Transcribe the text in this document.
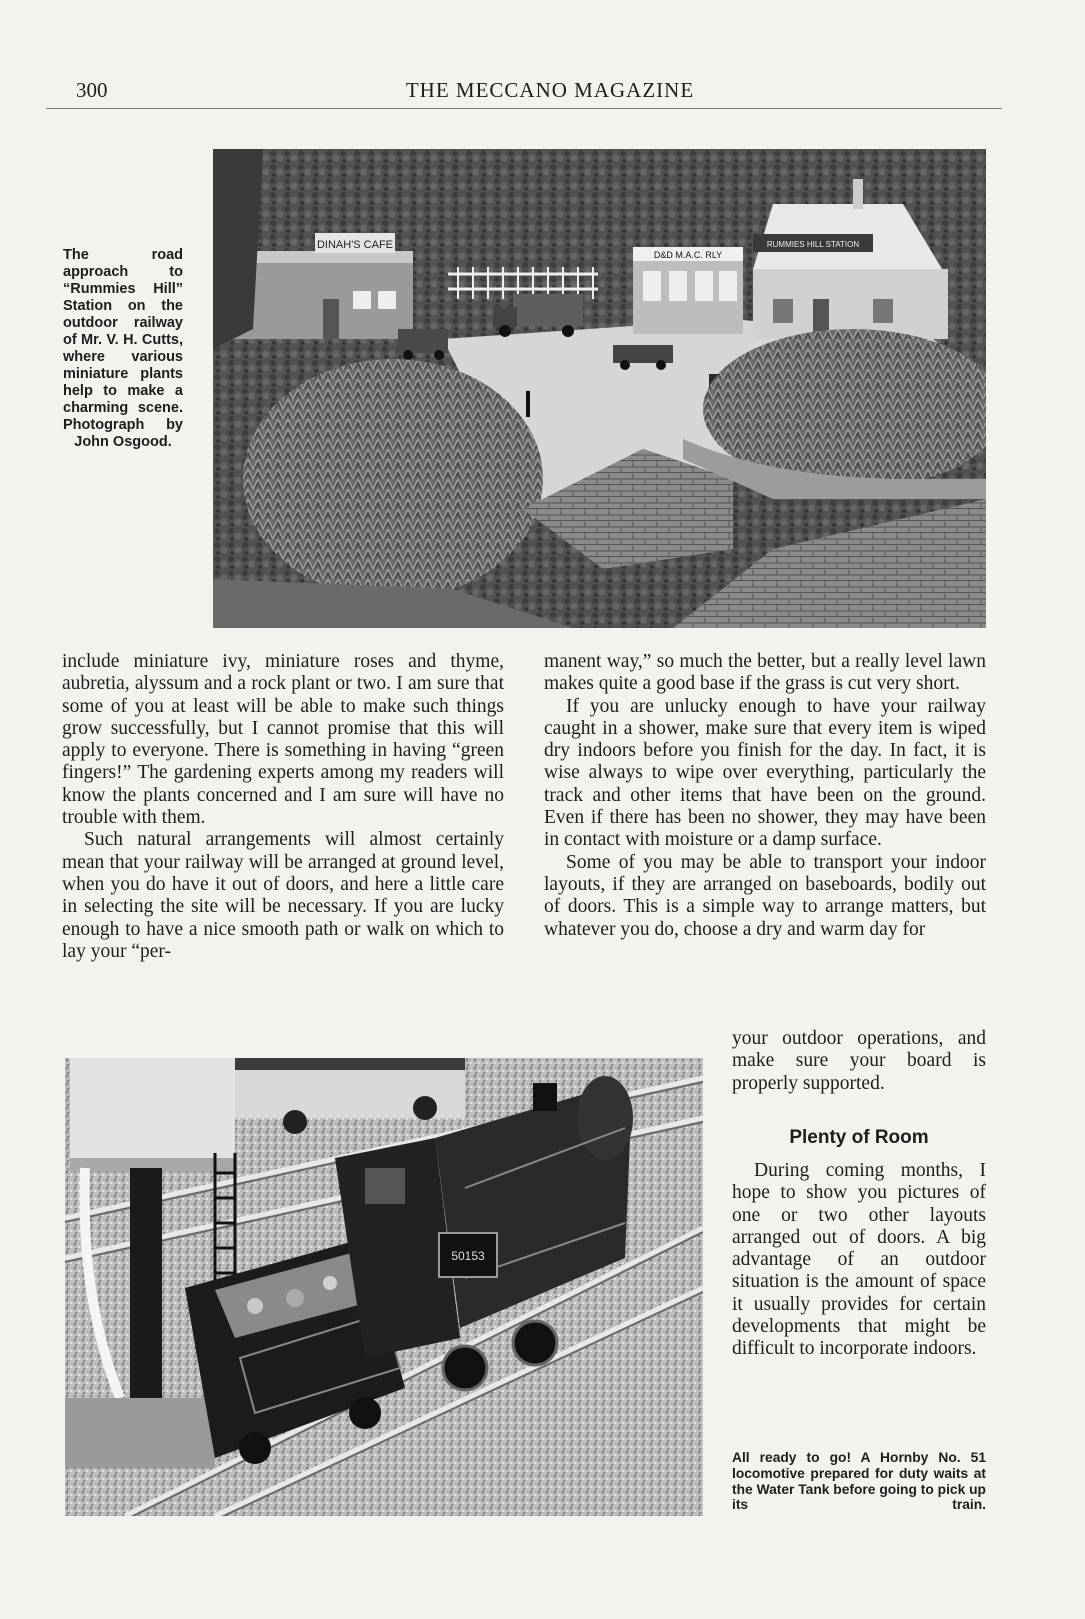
300	THE MECCANO MAGAZINE
DINAH'S CAFE
D&D M.A.C. RLY
RUMMIES HILL STATION
The road approach to “Rummies Hill” Station on the outdoor railway of Mr. V. H. Cutts, where various miniature plants help to make a charming scene. Photograph by John Osgood.

include miniature ivy, miniature roses and thyme, aubretia, alyssum and a rock plant or two. I am sure that some of you at least will be able to make such things grow successfully, but I cannot promise that this will apply to everyone. There is something in having “green fingers!” The gardening experts among my readers will know the plants concerned and I am sure will have no trouble with them.

Such natural arrangements will almost certainly mean that your railway will be arranged at ground level, when you do have it out of doors, and here a little care in selecting the site will be necessary. If you are lucky enough to have a nice smooth path or walk on which to lay your “per-

manent way,” so much the better, but a really level lawn makes quite a good base if the grass is cut very short.

If you are unlucky enough to have your railway caught in a shower, make sure that every item is wiped dry indoors before you finish for the day. In fact, it is wise always to wipe over everything, particularly the track and other items that have been on the ground. Even if there has been no shower, they may have been in contact with moisture or a damp surface.

Some of you may be able to transport your indoor layouts, if they are arranged on baseboards, bodily out of doors. This is a simple way to arrange matters, but whatever you do, choose a dry and warm day for

your outdoor operations, and make sure your board is properly supported.

Plenty of Room

During coming months, I hope to show you pictures of one or two other layouts arranged out of doors. A big advantage of an outdoor situation is the amount of space it usually provides for certain developments that might be difficult to incorporate indoors.

50153
All ready to go! A Hornby No. 51 locomotive prepared for duty waits at the Water Tank before going to pick up its train.
